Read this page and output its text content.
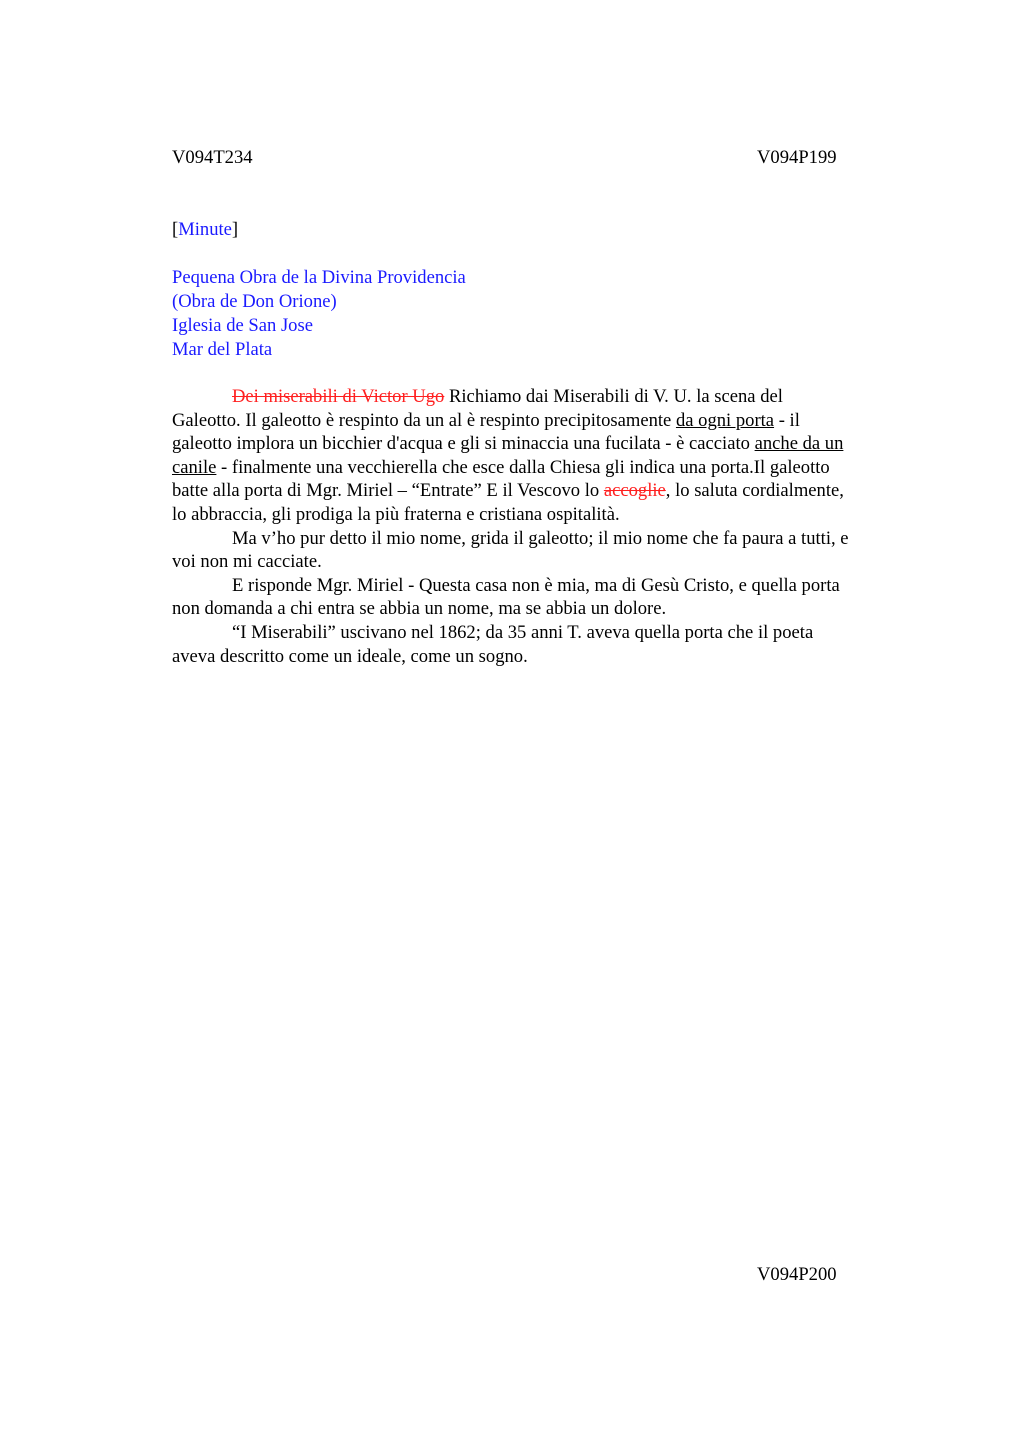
V094T234	V094P199
[Minute]
Pequena Obra de la Divina Providencia
(Obra de Don Orione)
Iglesia de San Jose
Mar del Plata

Dei miserabili di Victor Ugo Richiamo dai Miserabili di V. U. la scena del
Galeotto. Il galeotto è respinto da un al è respinto precipitosamente da ogni porta - il
galeotto implora un bicchier d'acqua e gli si minaccia una fucilata - è cacciato anche da un
canile - finalmente una vecchierella che esce dalla Chiesa gli indica una porta.Il galeotto
batte alla porta di Mgr. Miriel – “Entrate” E il Vescovo lo accoglie, lo saluta cordialmente,
lo abbraccia, gli prodiga la più fraterna e cristiana ospitalità.

Ma v’ho pur detto il mio nome, grida il galeotto; il mio nome che fa paura a tutti, e
voi non mi cacciate.

E risponde Mgr. Miriel - Questa casa non è mia, ma di Gesù Cristo, e quella porta
non domanda a chi entra se abbia un nome, ma se abbia un dolore.

“I Miserabili” uscivano nel 1862; da 35 anni T. aveva quella porta che il poeta
aveva descritto come un ideale, come un sogno.

V094P200
